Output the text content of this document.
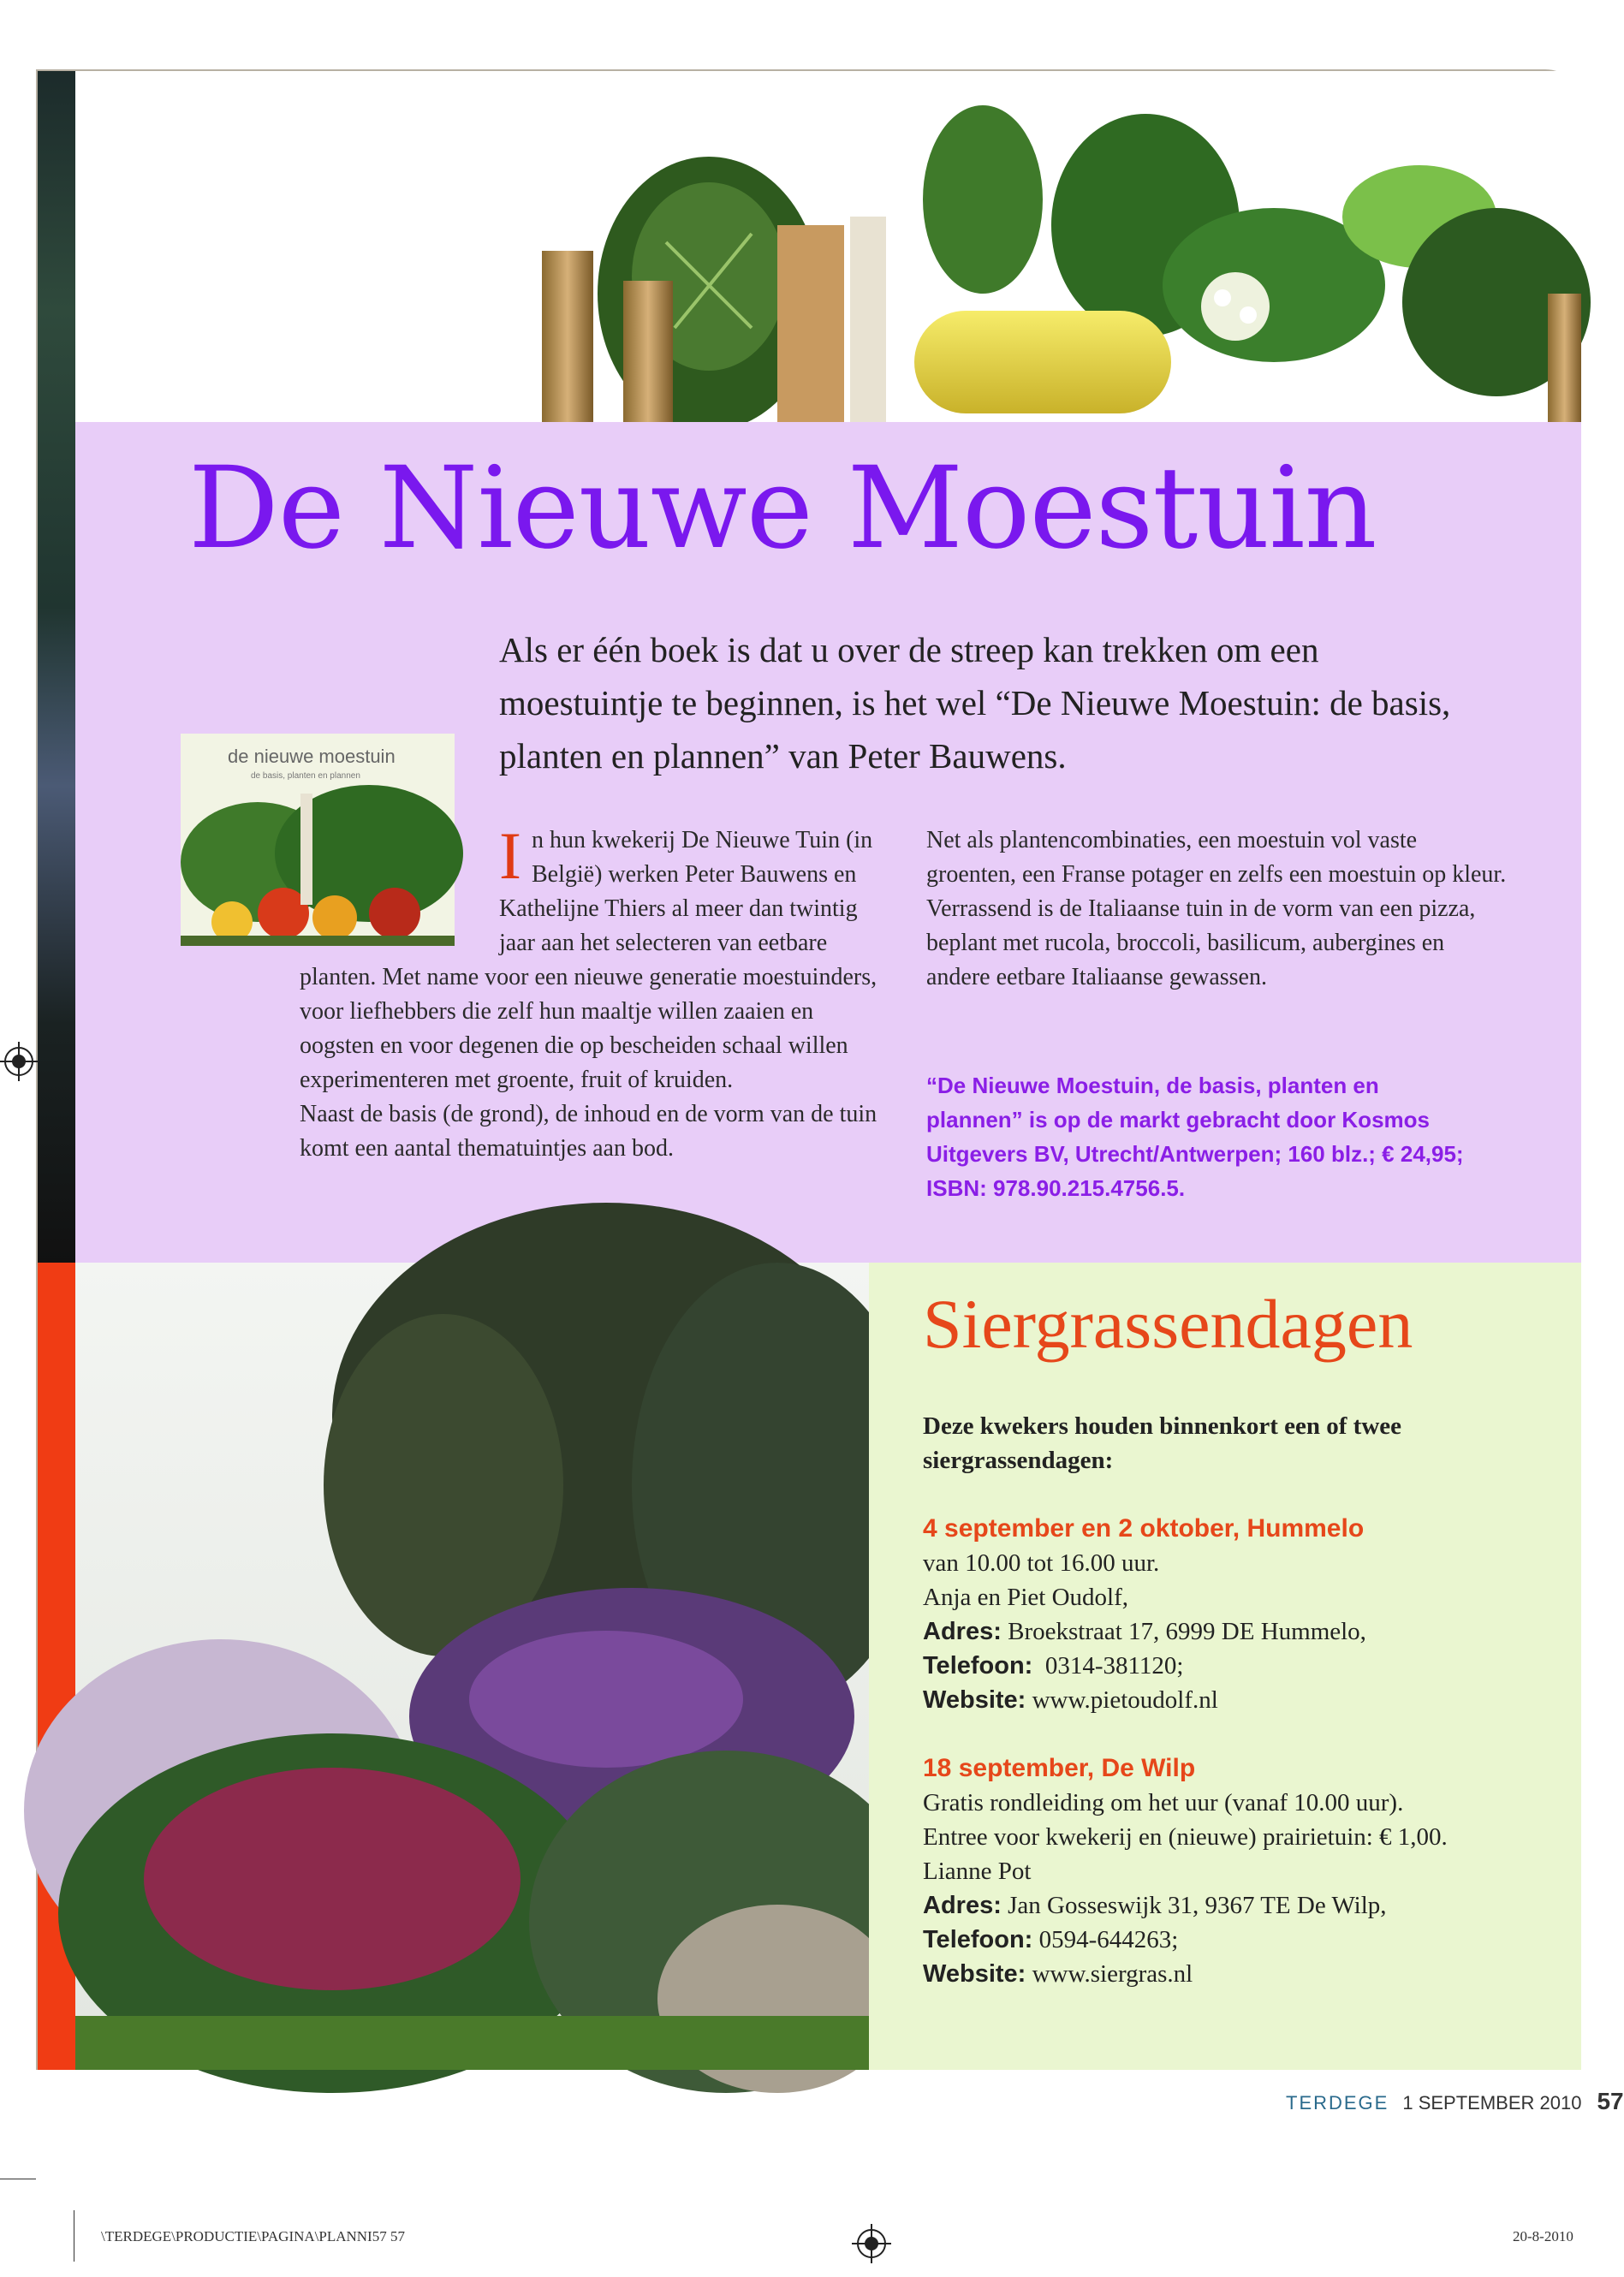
De Nieuwe Moestuin
Als er één boek is dat u over de streep kan trekken om een moestuintje te beginnen, is het wel “De Nieuwe Moestuin: de basis, planten en plannen” van Peter Bauwens.
de nieuwe moestuin
de basis, planten en plannen

I n hun kwekerij De Nieuwe Tuin (in België) werken Peter Bauwens en Kathelijne Thiers al meer dan twintig jaar aan het selecteren van eetbare planten. Met name voor een nieuwe generatie moestuinders, voor liefhebbers die zelf hun maaltje willen zaaien en oogsten en voor degenen die op bescheiden schaal willen experimenteren met groente, fruit of kruiden.

Naast de basis (de grond), de inhoud en de vorm van de tuin komt een aantal thematuintjes aan bod.

Net als plantencombinaties, een moestuin vol vaste groenten, een Franse potager en zelfs een moestuin op kleur. Verrassend is de Italiaanse tuin in de vorm van een pizza, beplant met rucola, broccoli, basilicum, aubergines en andere eetbare Italiaanse gewassen.

“De Nieuwe Moestuin, de basis, planten en plannen” is op de markt gebracht door Kosmos Uitgevers BV, Utrecht/Antwerpen; 160 blz.; € 24,95; ISBN: 978.90.215.4756.5.
Siergrassendagen

Deze kwekers houden binnenkort een of twee siergrassendagen:

4 september en 2 oktober, Hummelo

van 10.00 tot 16.00 uur.

Anja en Piet Oudolf,

Adres: Broekstraat 17, 6999 DE Hummelo,

Telefoon: 0314-381120;

Website: www.pietoudolf.nl

18 september, De Wilp

Gratis rondleiding om het uur (vanaf 10.00 uur).

Entree voor kwekerij en (nieuwe) prairietuin: € 1,00.

Lianne Pot

Adres: Jan Gosseswijk 31, 9367 TE De Wilp,

Telefoon: 0594-644263;

Website: www.siergras.nl

TERDEGE 1 SEPTEMBER 2010 57
\TERDEGE\PRODUCTIE\PAGINA\PLANNI57 57	20-8-2010
